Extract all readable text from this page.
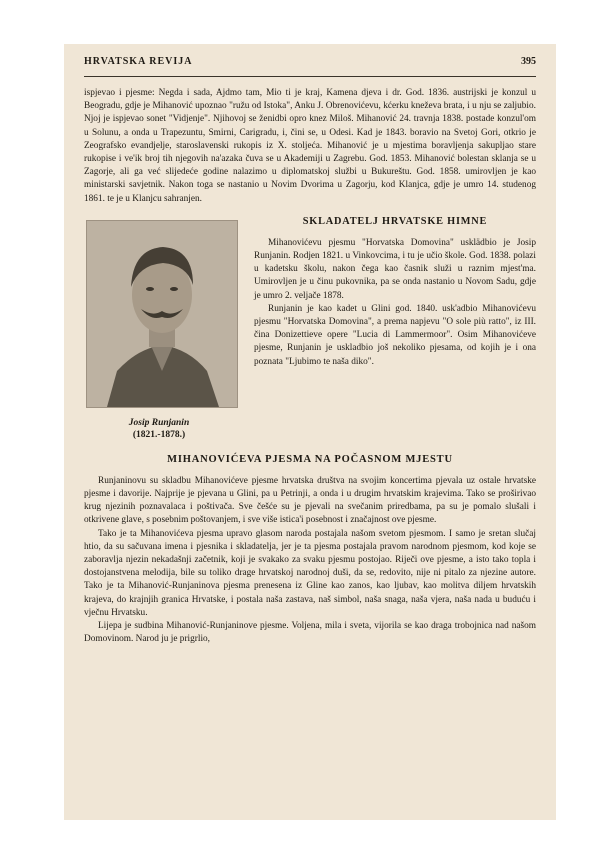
HRVATSKA REVIJA	395

ispjevao i pjesme: Negda i sada, Ajdmo tam, Mio ti je kraj, Kamena djeva i dr. God. 1836. austrijski je konzul u Beogradu, gdje je Mihanović upoznao "ružu od Istoka", Anku J. Obrenovićevu, kćerku kneževa brata, i u nju se zaljubio. Njoj je ispjevao sonet "Vidjenje". Njihovoj se ženidbi opro knez Miloš. Mihanović 24. travnja 1838. postade konzul'om u Solunu, a onda u Trapezuntu, Smirni, Carigradu, i, čini se, u Odesi. Kad je 1843. boravio na Svetoj Gori, otkrio je Zeografsko evandjelje, staroslavenski rukopis iz X. stoljeća. Mihanović je u mjestima boravljenja sakupljao stare rukopise i ve'ik broj tih njegovih na'azaka čuva se u Akademiji u Zagrebu. God. 1853. Mihanović bolestan sklanja se u Zagorje, ali ga već slijedeće godine nalazimo u diplomatskoj službi u Bukureštu. God. 1858. umirovljen je kao ministarski savjetnik. Nakon toga se nastanio u Novim Dvorima u Zagorju, kod Klanjca, gdje je umro 14. studenog 1861. te je u Klanjcu sahranjen.

Josip Runjanin
(1821.-1878.)
SKLADATELJ HRVATSKE HIMNE

Mihanovićevu pjesmu "Horvatska Domovina" usklädbio je Josip Runjanin. Rodjen 1821. u Vinkovcima, i tu je učio škole. God. 1838. polazi u kadetsku školu, nakon čega kao časnik služi u raznim mjest'ma. Umirovljen je u činu pukovnika, pa se onda nastanio u Novom Sadu, gdje je umro 2. veljače 1878.

Runjanin je kao kadet u Glini god. 1840. usk'adbio Mihanovićevu pjesmu "Horvatska Domovina", a prema napjevu "O sole più ratto", iz III. čina Donizettieve opere "Lucia di Lammermoor". Osim Mihanovićeve pjesme, Runjanin je uskladbio još nekoliko pjesama, od kojih je i ona poznata "Ljubimo te naša diko".

MIHANOVIĆEVA PJESMA NA POČASNOM MJESTU

Runjaninovu su skladbu Mihanovićeve pjesme hrvatska društva na svojim koncertima pjevala uz ostale hrvatske pjesme i davorije. Najprije je pjevana u Glini, pa u Petrinji, a onda i u drugim hrvatskim krajevima. Tako se proširivao krug njezinih poznavalaca i poštivača. Sve češće su je pjevali na svečanim priredbama, pa su je pomalo slušali i otkrivene glave, s posebnim poštovanjem, i sve više istica'i posebnost i značajnost ove pjesme.

Tako je ta Mihanovićeva pjesma upravo glasom naroda postajala našom svetom pjesmom. I samo je sretan slučaj htio, da su sačuvana imena i pjesnika i skladatelja, jer je ta pjesma postajala pravom narodnom pjesmom, kod koje se zaboravlja njezin nekadašnji začetnik, koji je svakako za svaku pjesmu postojao. Riječi ove pjesme, a isto tako topla i dostojanstvena melodija, bile su toliko drage hrvatskoj narodnoj duši, da se, redovito, nije ni pitalo za njezine autore. Tako je ta Mihanović-Runjaninova pjesma prenesena iz Gline kao zanos, kao ljubav, kao molitva diljem hrvatskih krajeva, do krajnjih granica Hrvatske, i postala naša zastava, naš simbol, naša snaga, naša vjera, naša nada u buduću i vječnu Hrvatsku.

Lijepa je sudbina Mihanović-Runjaninove pjesme. Voljena, mila i sveta, vijorila se kao draga trobojnica nad našom Domovinom. Narod ju je prigrlio,
